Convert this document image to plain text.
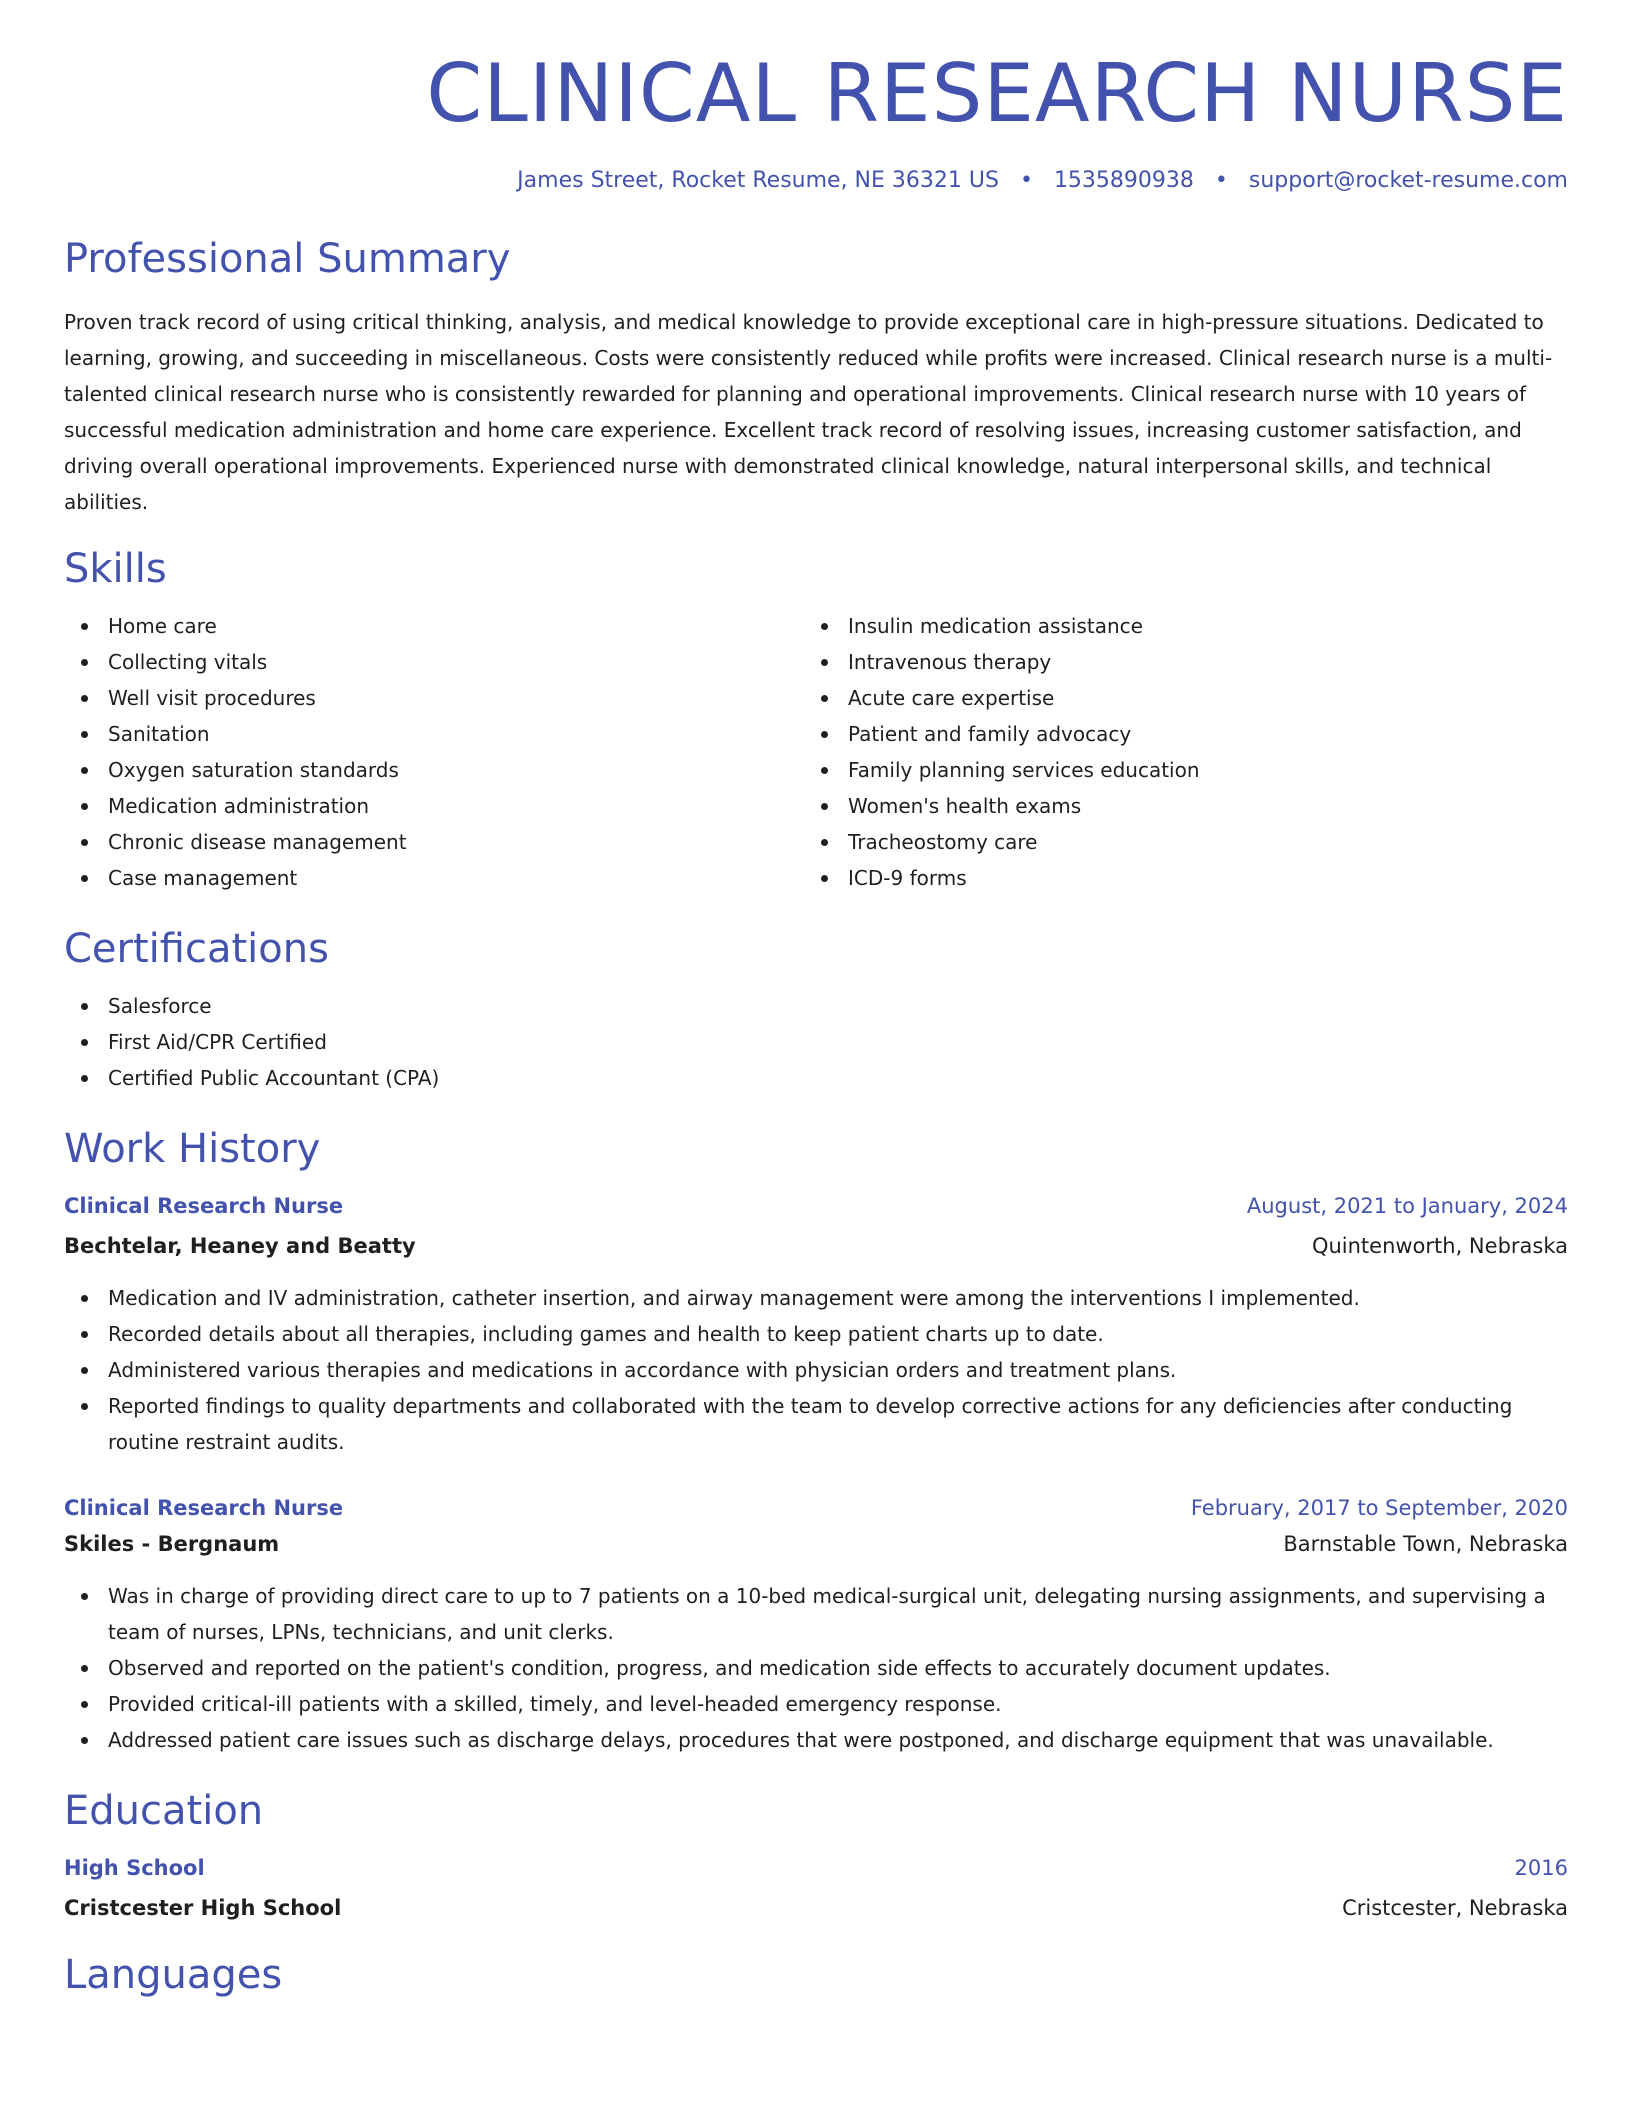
CLINICAL RESEARCH NURSE
James Street, Rocket Resume, NE 36321 US • 1535890938 • support@rocket-resume.com
Professional Summary

Proven track record of using critical thinking, analysis, and medical knowledge to provide exceptional care in high-pressure situations. Dedicated to learning, growing, and succeeding in miscellaneous. Costs were consistently reduced while profits were increased. Clinical research nurse is a multi-talented clinical research nurse who is consistently rewarded for planning and operational improvements. Clinical research nurse with 10 years of successful medication administration and home care experience. Excellent track record of resolving issues, increasing customer satisfaction, and driving overall operational improvements. Experienced nurse with demonstrated clinical knowledge, natural interpersonal skills, and technical abilities.

Skills
Home care
Collecting vitals
Well visit procedures
Sanitation
Oxygen saturation standards
Medication administration
Chronic disease management
Case management
Insulin medication assistance
Intravenous therapy
Acute care expertise
Patient and family advocacy
Family planning services education
Women's health exams
Tracheostomy care
ICD-9 forms
Certifications
Salesforce
First Aid/CPR Certified
Certified Public Accountant (CPA)
Work History
Clinical Research Nurse	August, 2021 to January, 2024
Bechtelar, Heaney and Beatty	Quintenworth, Nebraska
Medication and IV administration, catheter insertion, and airway management were among the interventions I implemented.
Recorded details about all therapies, including games and health to keep patient charts up to date.
Administered various therapies and medications in accordance with physician orders and treatment plans.
Reported findings to quality departments and collaborated with the team to develop corrective actions for any deficiencies after conducting routine restraint audits.
Clinical Research Nurse	February, 2017 to September, 2020
Skiles - Bergnaum	Barnstable Town, Nebraska
Was in charge of providing direct care to up to 7 patients on a 10-bed medical-surgical unit, delegating nursing assignments, and supervising a team of nurses, LPNs, technicians, and unit clerks.
Observed and reported on the patient's condition, progress, and medication side effects to accurately document updates.
Provided critical-ill patients with a skilled, timely, and level-headed emergency response.
Addressed patient care issues such as discharge delays, procedures that were postponed, and discharge equipment that was unavailable.
Education
High School	2016
Cristcester High School	Cristcester, Nebraska
Languages
